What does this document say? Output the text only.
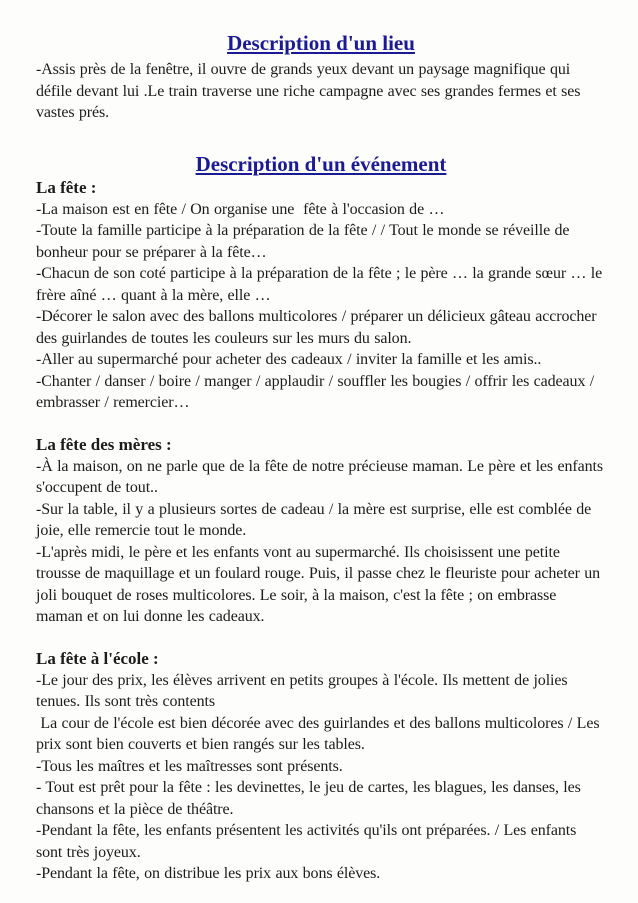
Description d'un lieu

-Assis près de la fenêtre, il ouvre de grands yeux devant un paysage magnifique qui défile devant lui .Le train traverse une riche campagne avec ses grandes fermes et ses vastes prés.

Description d'un événement
La fête :

-La maison est en fête / On organise une  fête à l'occasion de …

-Toute la famille participe à la préparation de la fête / / Tout le monde se réveille de bonheur pour se préparer à la fête…

-Chacun de son coté participe à la préparation de la fête ; le père … la grande sœur … le frère aîné … quant à la mère, elle …

-Décorer le salon avec des ballons multicolores / préparer un délicieux gâteau accrocher des guirlandes de toutes les couleurs sur les murs du salon.

-Aller au supermarché pour acheter des cadeaux / inviter la famille et les amis..

-Chanter / danser / boire / manger / applaudir / souffler les bougies / offrir les cadeaux / embrasser / remercier…

La fête des mères :

-À la maison, on ne parle que de la fête de notre précieuse maman. Le père et les enfants s'occupent de tout..

-Sur la table, il y a plusieurs sortes de cadeau / la mère est surprise, elle est comblée de joie, elle remercie tout le monde.

-L'après midi, le père et les enfants vont au supermarché. Ils choisissent une petite trousse de maquillage et un foulard rouge. Puis, il passe chez le fleuriste pour acheter un joli bouquet de roses multicolores. Le soir, à la maison, c'est la fête ; on embrasse maman et on lui donne les cadeaux.

La fête à l'école :

-Le jour des prix, les élèves arrivent en petits groupes à l'école. Ils mettent de jolies tenues. Ils sont très contents

La cour de l'école est bien décorée avec des guirlandes et des ballons multicolores / Les prix sont bien couverts et bien rangés sur les tables.

-Tous les maîtres et les maîtresses sont présents.

- Tout est prêt pour la fête : les devinettes, le jeu de cartes, les blagues, les danses, les chansons et la pièce de théâtre.

-Pendant la fête, les enfants présentent les activités qu'ils ont préparées. / Les enfants sont très joyeux.

-Pendant la fête, on distribue les prix aux bons élèves.
